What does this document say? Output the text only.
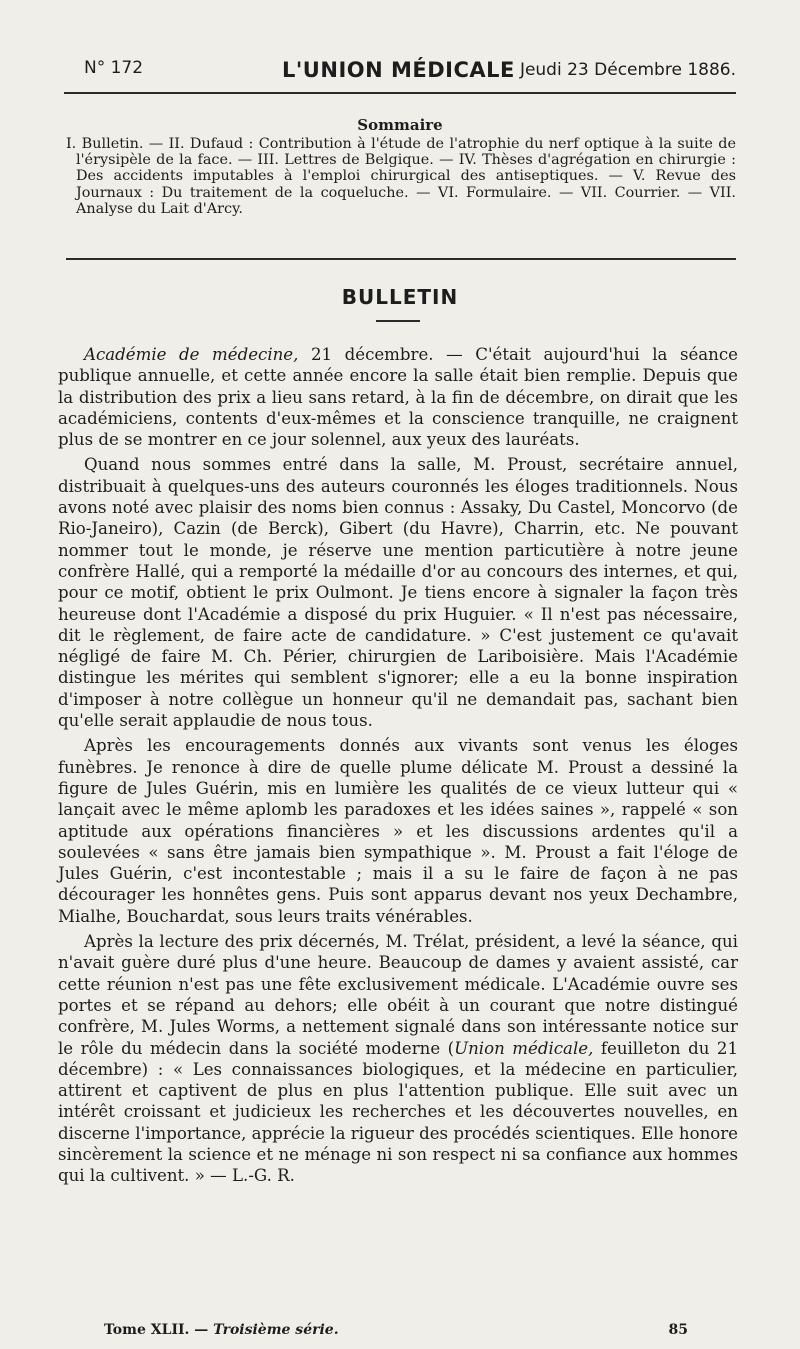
N° 172	L'UNION MÉDICALE Jeudi 23 Décembre 1886.
Sommaire
I. Bulletin. — II. Dufaud : Contribution à l'étude de l'atrophie du nerf optique à la suite de l'érysipèle de la face. — III. Lettres de Belgique. — IV. Thèses d'agrégation en chirurgie : Des accidents imputables à l'emploi chirurgical des antiseptiques. — V. Revue des Journaux : Du traitement de la coqueluche. — VI. Formulaire. — VII. Courrier. — VII. Analyse du Lait d'Arcy.
BULLETIN

Académie de médecine, 21 décembre. — C'était aujourd'hui la séance publique annuelle, et cette année encore la salle était bien remplie. Depuis que la distribution des prix a lieu sans retard, à la fin de décembre, on dirait que les académiciens, contents d'eux-mêmes et la conscience tranquille, ne craignent plus de se montrer en ce jour solennel, aux yeux des lauréats.

Quand nous sommes entré dans la salle, M. Proust, secrétaire annuel, distribuait à quelques-uns des auteurs couronnés les éloges traditionnels. Nous avons noté avec plaisir des noms bien connus : Assaky, Du Castel, Moncorvo (de Rio-Janeiro), Cazin (de Berck), Gibert (du Havre), Charrin, etc. Ne pouvant nommer tout le monde, je réserve une mention particutière à notre jeune confrère Hallé, qui a remporté la médaille d'or au concours des internes, et qui, pour ce motif, obtient le prix Oulmont. Je tiens encore à signaler la façon très heureuse dont l'Académie a disposé du prix Huguier. « Il n'est pas nécessaire, dit le règlement, de faire acte de candidature. » C'est justement ce qu'avait négligé de faire M. Ch. Périer, chirurgien de Lariboisière. Mais l'Académie distingue les mérites qui semblent s'ignorer; elle a eu la bonne inspiration d'imposer à notre collègue un honneur qu'il ne demandait pas, sachant bien qu'elle serait applaudie de nous tous.

Après les encouragements donnés aux vivants sont venus les éloges funèbres. Je renonce à dire de quelle plume délicate M. Proust a dessiné la figure de Jules Guérin, mis en lumière les qualités de ce vieux lutteur qui « lançait avec le même aplomb les paradoxes et les idées saines », rappelé « son aptitude aux opérations financières » et les discussions ardentes qu'il a soulevées « sans être jamais bien sympathique ». M. Proust a fait l'éloge de Jules Guérin, c'est incontestable ; mais il a su le faire de façon à ne pas décourager les honnêtes gens. Puis sont apparus devant nos yeux Dechambre, Mialhe, Bouchardat, sous leurs traits vénérables.

Après la lecture des prix décernés, M. Trélat, président, a levé la séance, qui n'avait guère duré plus d'une heure. Beaucoup de dames y avaient assisté, car cette réunion n'est pas une fête exclusivement médicale. L'Académie ouvre ses portes et se répand au dehors; elle obéit à un courant que notre distingué confrère, M. Jules Worms, a nettement signalé dans son intéressante notice sur le rôle du médecin dans la société moderne (Union médicale, feuilleton du 21 décembre) : « Les connaissances biologiques, et la médecine en particulier, attirent et captivent de plus en plus l'attention publique. Elle suit avec un intérêt croissant et judicieux les recherches et les découvertes nouvelles, en discerne l'importance, apprécie la rigueur des procédés scientiques. Elle honore sincèrement la science et ne ménage ni son respect ni sa confiance aux hommes qui la cultivent. » — L.-G. R.

Tome XLII. — Troisième série.	85
